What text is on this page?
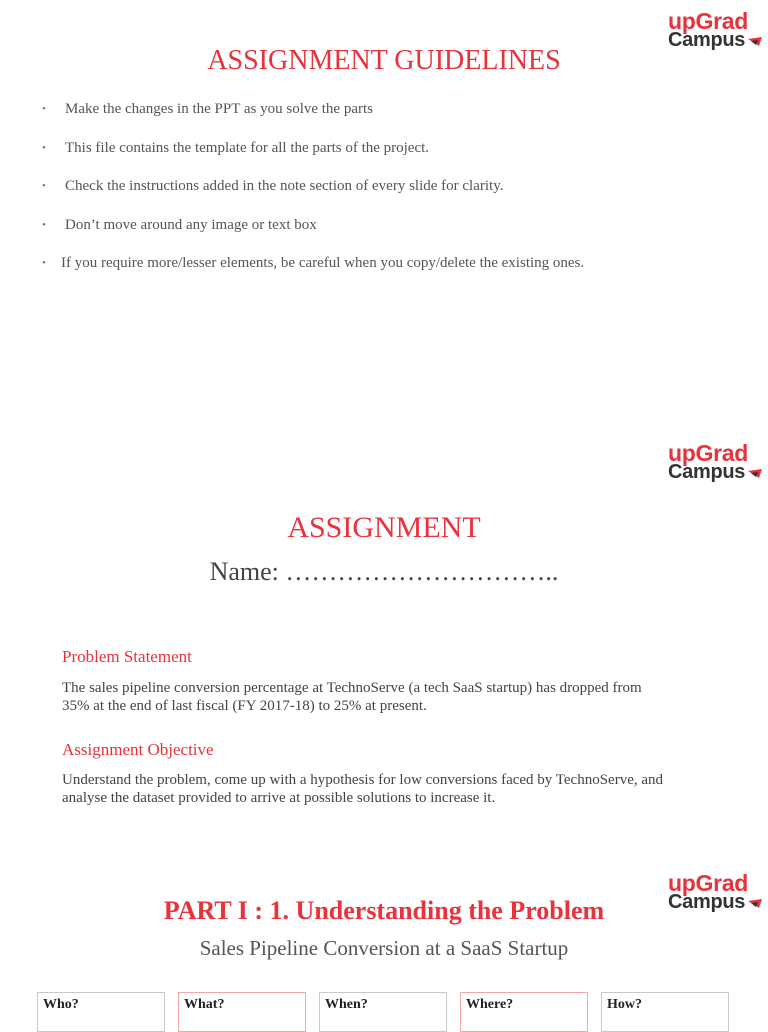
upGrad
Campus
ASSIGNMENT GUIDELINES
• Make the changes in the PPT as you solve the parts
• This file contains the template for all the parts of the project.
• Check the instructions added in the note section of every slide for clarity.
• Don’t move around any image or text box
• If you require more/lesser elements, be careful when you copy/delete the existing ones.
upGrad
Campus
ASSIGNMENT
Name: …………………………..
Problem Statement
The sales pipeline conversion percentage at TechnoServe (a tech SaaS startup) has dropped from
35% at the end of last fiscal (FY 2017-18) to 25% at present.
Assignment Objective
Understand the problem, come up with a hypothesis for low conversions faced by TechnoServe, and
analyse the dataset provided to arrive at possible solutions to increase it.
upGrad
Campus
PART I : 1. Understanding the Problem
Sales Pipeline Conversion at a SaaS Startup
Who?	What?	When?	Where?	How?
